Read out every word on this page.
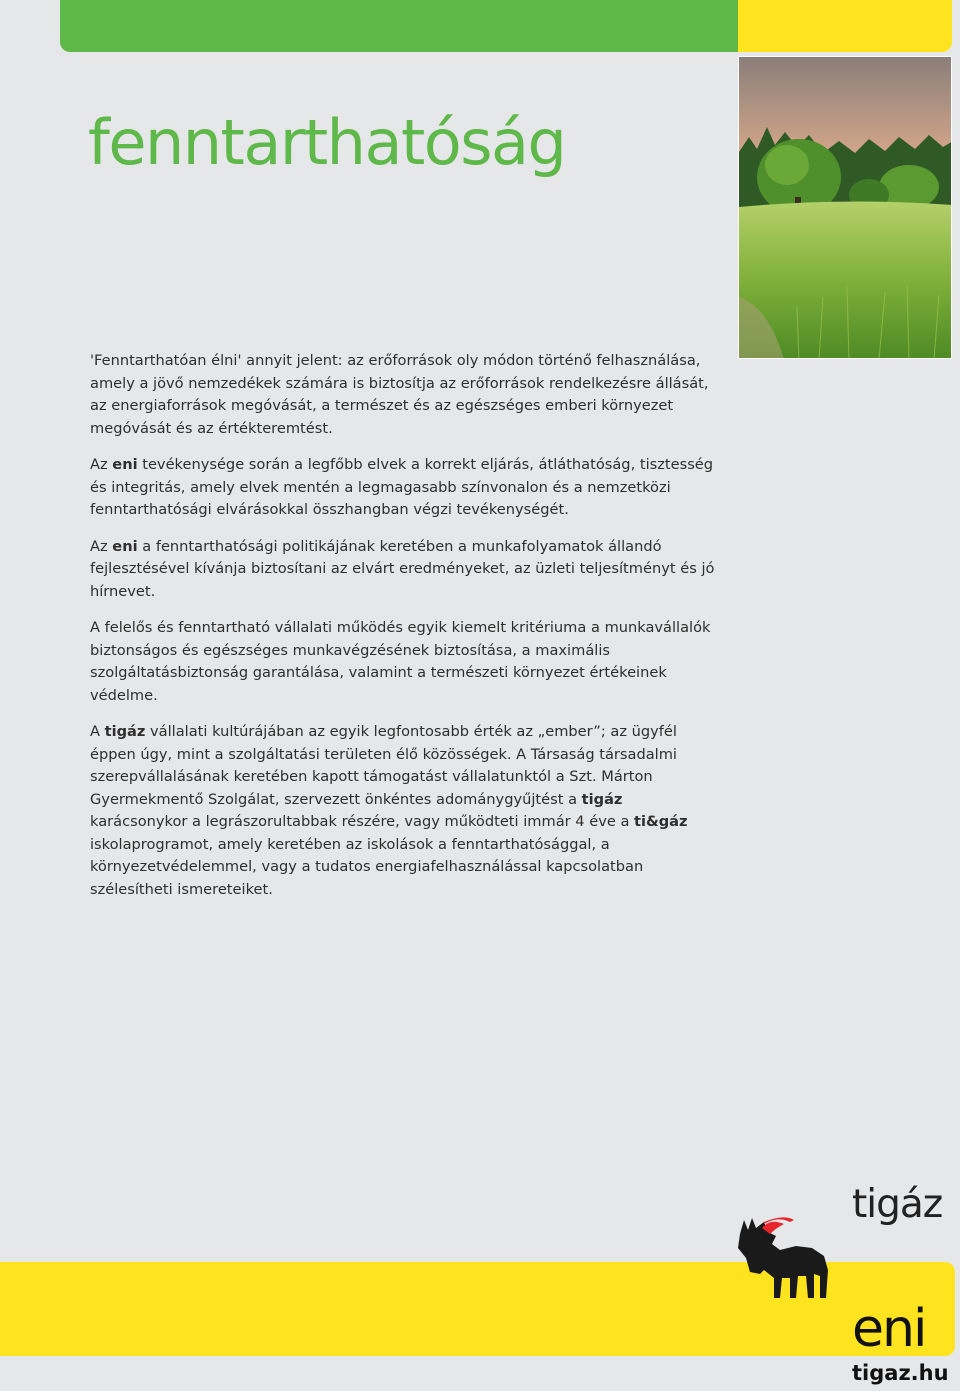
fenntarthatóság

'Fenntarthatóan élni' annyit jelent: az erőforrások oly módon történő felhasználása, amely a jövő nemzedékek számára is biztosítja az erőforrások rendelkezésre állását, az energiaforrások megóvását, a természet és az egészséges emberi környezet megóvását és az értékteremtést.

Az eni tevékenysége során a legfőbb elvek a korrekt eljárás, átláthatóság, tisztesség és integritás, amely elvek mentén a legmagasabb színvonalon és a nemzetközi fenntarthatósági elvárásokkal összhangban végzi tevékenységét.

Az eni a fenntarthatósági politikájának keretében a munkafolyamatok állandó fejlesztésével kívánja biztosítani az elvárt eredményeket, az üzleti teljesítményt és jó hírnevet.

A felelős és fenntartható vállalati működés egyik kiemelt kritériuma a munkavállalók biztonságos és egészséges munkavégzésének biztosítása, a maximális szolgáltatásbiztonság garantálása, valamint a természeti környezet értékeinek védelme.

A tigáz vállalati kultúrájában az egyik legfontosabb érték az „ember”; az ügyfél éppen úgy, mint a szolgáltatási területen élő közösségek. A Társaság társadalmi szerepvállalásának keretében kapott támogatást vállalatunktól a Szt. Márton Gyermekmentő Szolgálat, szervezett önkéntes adománygyűjtést a tigáz karácsonykor a legrászorultabbak részére, vagy működteti immár 4 éve a ti&gáz iskolaprogramot, amely keretében az iskolások a fenntarthatósággal, a környezetvédelemmel, vagy a tudatos energiafelhasználással kapcsolatban szélesítheti ismereteiket.

tigáz
eni
tigaz.hu
